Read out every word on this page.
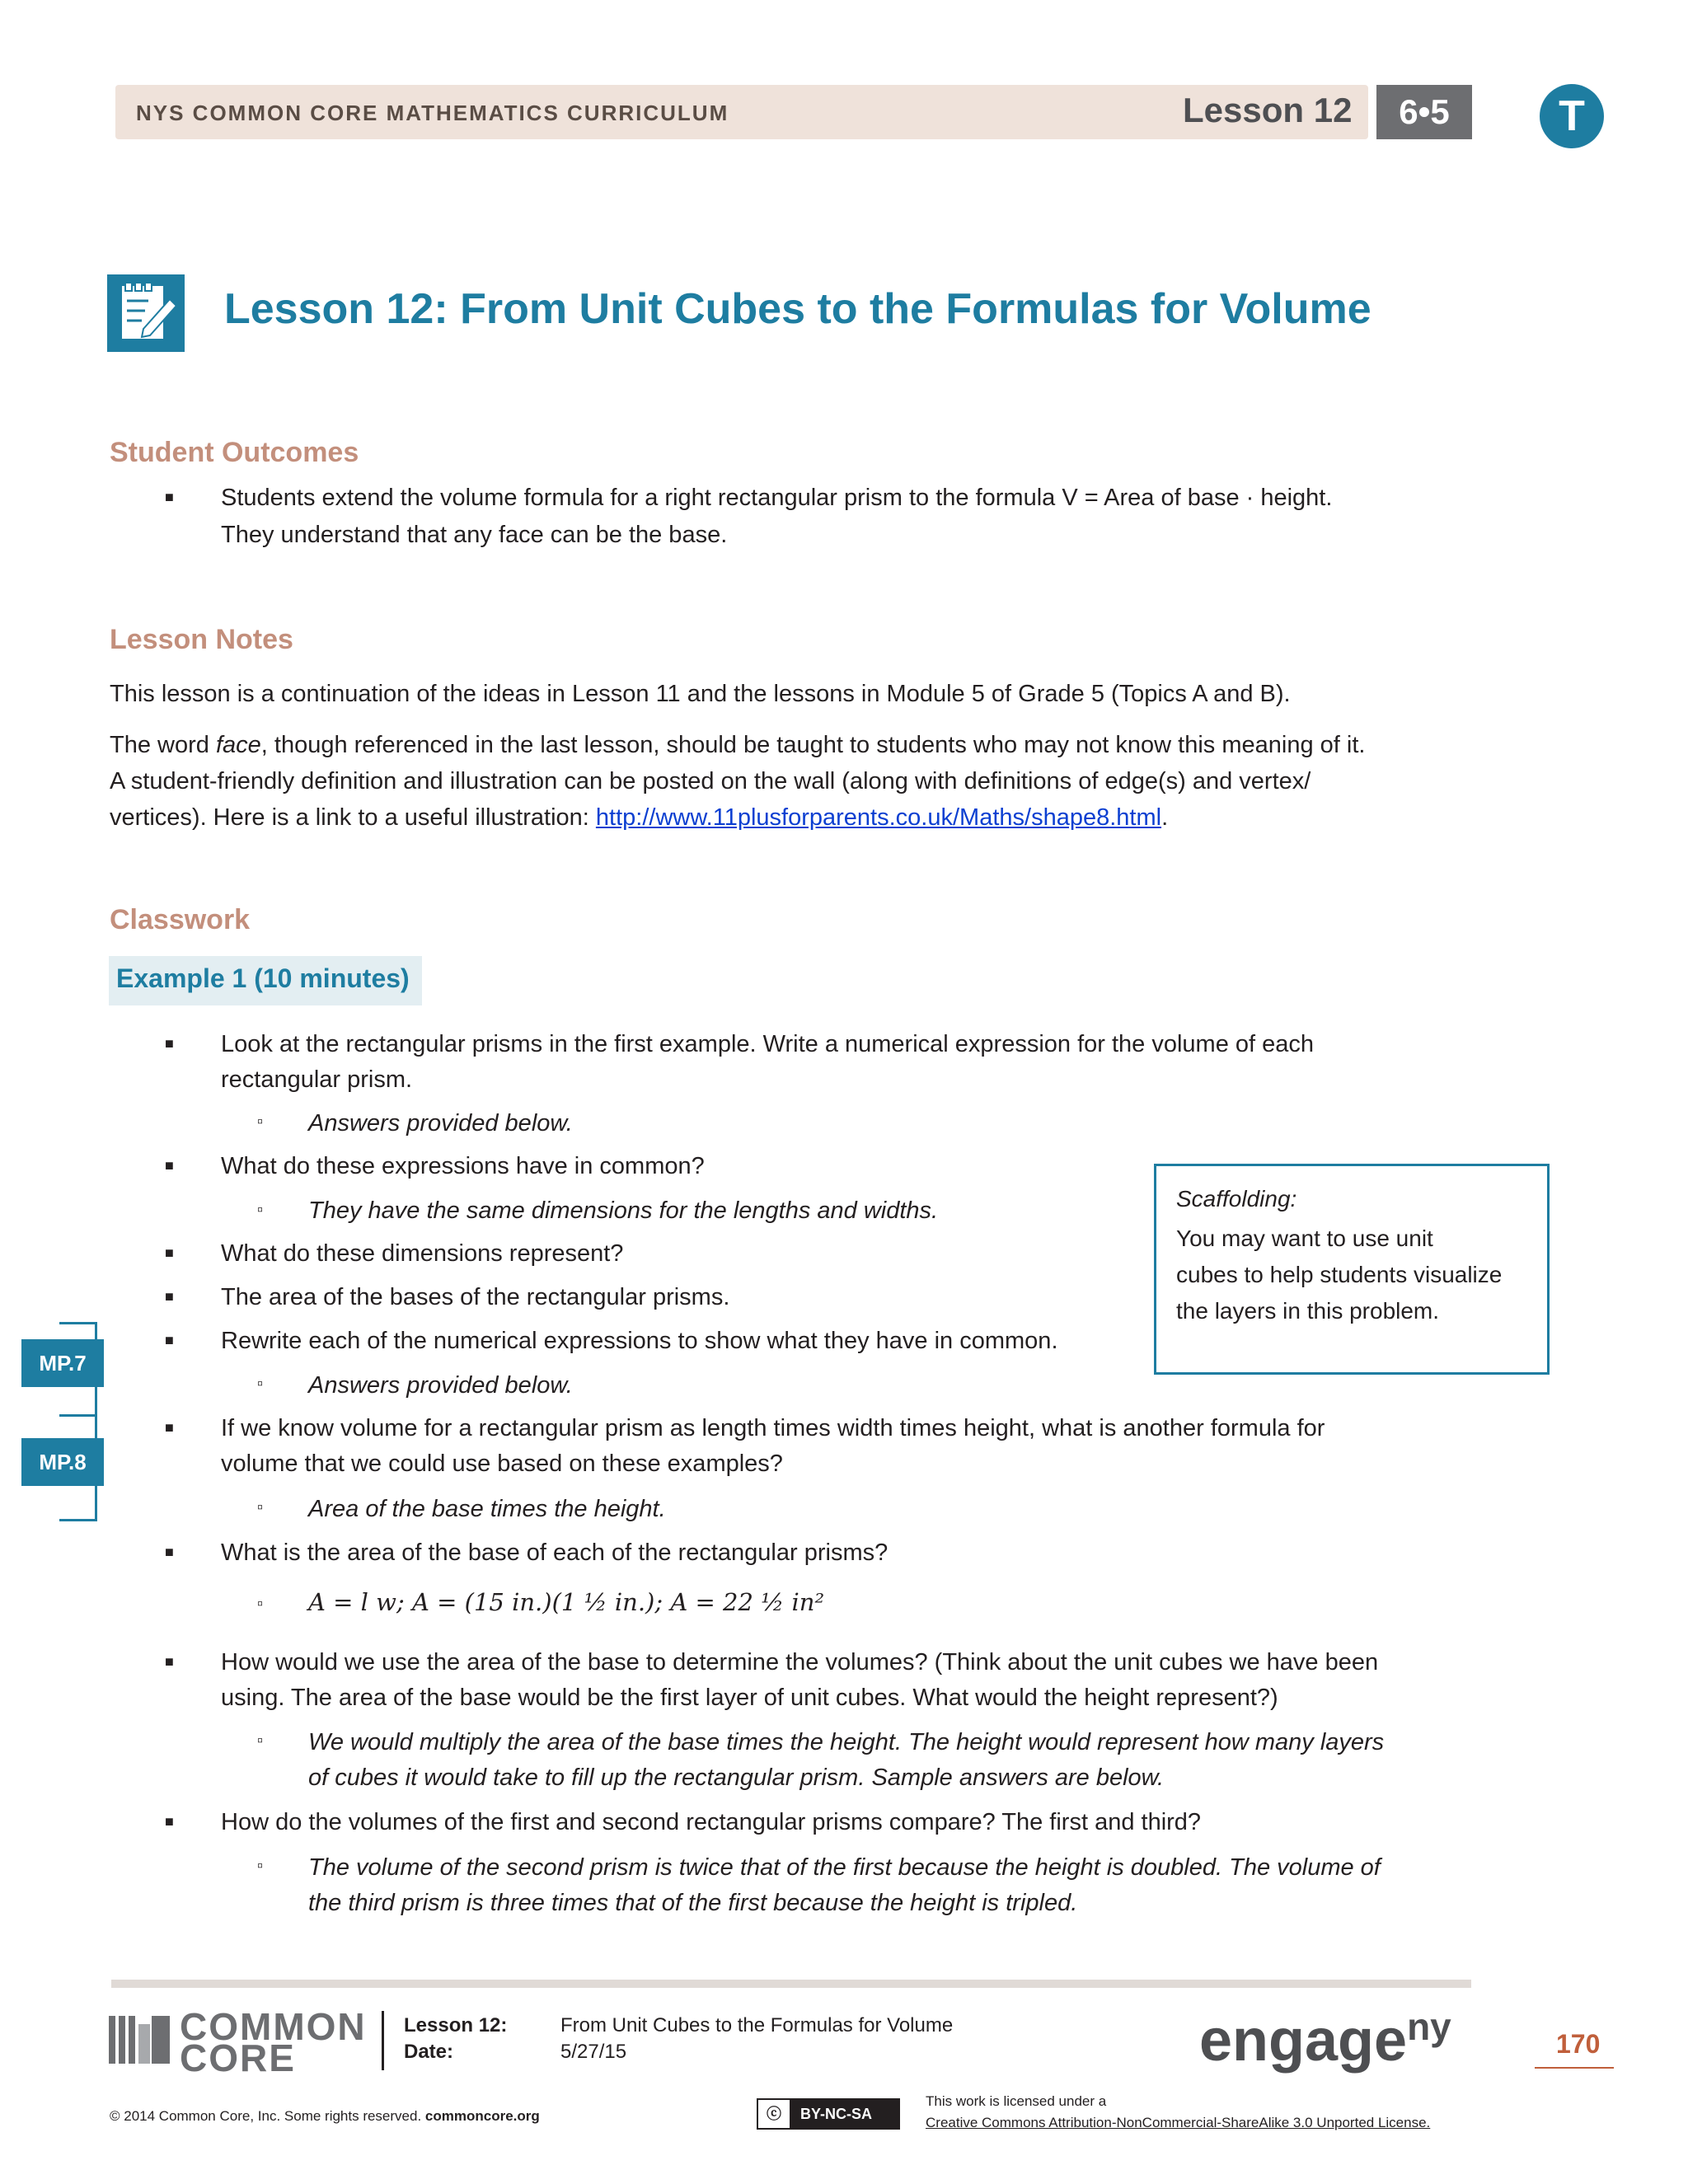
NYS COMMON CORE MATHEMATICS CURRICULUM	Lesson 12	6•5	T
Lesson 12: From Unit Cubes to the Formulas for Volume
Student Outcomes
■ Students extend the volume formula for a right rectangular prism to the formula V = Area of base · height.
They understand that any face can be the base.
Lesson Notes
This lesson is a continuation of the ideas in Lesson 11 and the lessons in Module 5 of Grade 5 (Topics A and B).
The word face, though referenced in the last lesson, should be taught to students who may not know this meaning of it.
A student-friendly definition and illustration can be posted on the wall (along with definitions of edge(s) and vertex/
vertices). Here is a link to a useful illustration: http://www.11plusforparents.co.uk/Maths/shape8.html.
Classwork
Example 1 (10 minutes)
■ Look at the rectangular prisms in the first example. Write a numerical expression for the volume of each
rectangular prism.
▫ Answers provided below.
■ What do these expressions have in common?
▫ They have the same dimensions for the lengths and widths.
■ What do these dimensions represent?
■ The area of the bases of the rectangular prisms.
■ Rewrite each of the numerical expressions to show what they have in common.
▫ Answers provided below.
■ If we know volume for a rectangular prism as length times width times height, what is another formula for
volume that we could use based on these examples?
▫ Area of the base times the height.
■ What is the area of the base of each of the rectangular prisms?
▫ A = l w; A = (15 in.)(1 ½ in.); A = 22 ½ in²
■ How would we use the area of the base to determine the volumes? (Think about the unit cubes we have been
using. The area of the base would be the first layer of unit cubes. What would the height represent?)
▫ We would multiply the area of the base times the height. The height would represent how many layers
of cubes it would take to fill up the rectangular prism. Sample answers are below.
■ How do the volumes of the first and second rectangular prisms compare? The first and third?
▫ The volume of the second prism is twice that of the first because the height is doubled. The volume of
the third prism is three times that of the first because the height is tripled.
Scaffolding:
You may want to use unit
cubes to help students visualize
the layers in this problem.
MP.7
MP.8
COMMON
CORE
Lesson 12:
Date:
From Unit Cubes to the Formulas for Volume
5/27/15	engage$^{ny}$	170
© 2014 Common Core, Inc. Some rights reserved. commoncore.org	ⓒ BY-NC-SA
This work is licensed under a
Creative Commons Attribution-NonCommercial-ShareAlike 3.0 Unported License.
